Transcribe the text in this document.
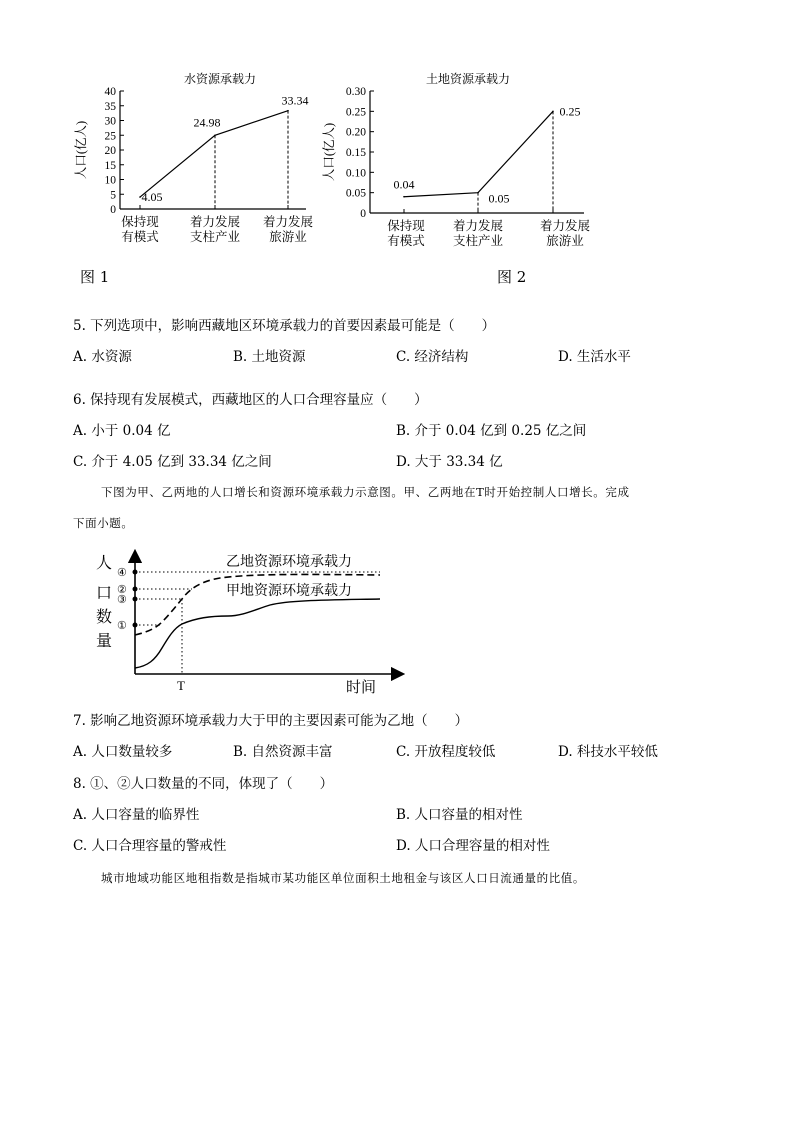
水资源承载力
0
5
10
15
20
25
30
35
40
人口(亿人)
4.05
24.98
33.34
保持现
有模式
着力发展
支柱产业
着力发展
旅游业
土地资源承载力
0
0.05
0.10
0.15
0.20
0.25
0.30
人口(亿人)
0.04
0.05
0.25
保持现
有模式
着力发展
支柱产业
着力发展
旅游业
图 1	图 2
5. 下列选项中，影响西藏地区环境承载力的首要因素最可能是（　　）
A. 水资源	B. 土地资源	C. 经济结构	D. 生活水平
6. 保持现有发展模式，西藏地区的人口合理容量应（　　）
A. 小于 0.04 亿	B. 介于 0.04 亿到 0.25 亿之间
C. 介于 4.05 亿到 33.34 亿之间	D. 大于 33.34 亿
下图为甲、乙两地的人口增长和资源环境承载力示意图。甲、乙两地在T时开始控制人口增长。完成
下面小题。
人
口
数
量
④
②
③
①
乙地资源环境承载力
甲地资源环境承载力
T	时间
7. 影响乙地资源环境承载力大于甲的主要因素可能为乙地（　　）
A. 人口数量较多	B. 自然资源丰富	C. 开放程度较低	D. 科技水平较低
8. ①、②人口数量的不同，体现了（　　）
A. 人口容量的临界性	B. 人口容量的相对性
C. 人口合理容量的警戒性	D. 人口合理容量的相对性
城市地域功能区地租指数是指城市某功能区单位面积土地租金与该区人口日流通量的比值。
